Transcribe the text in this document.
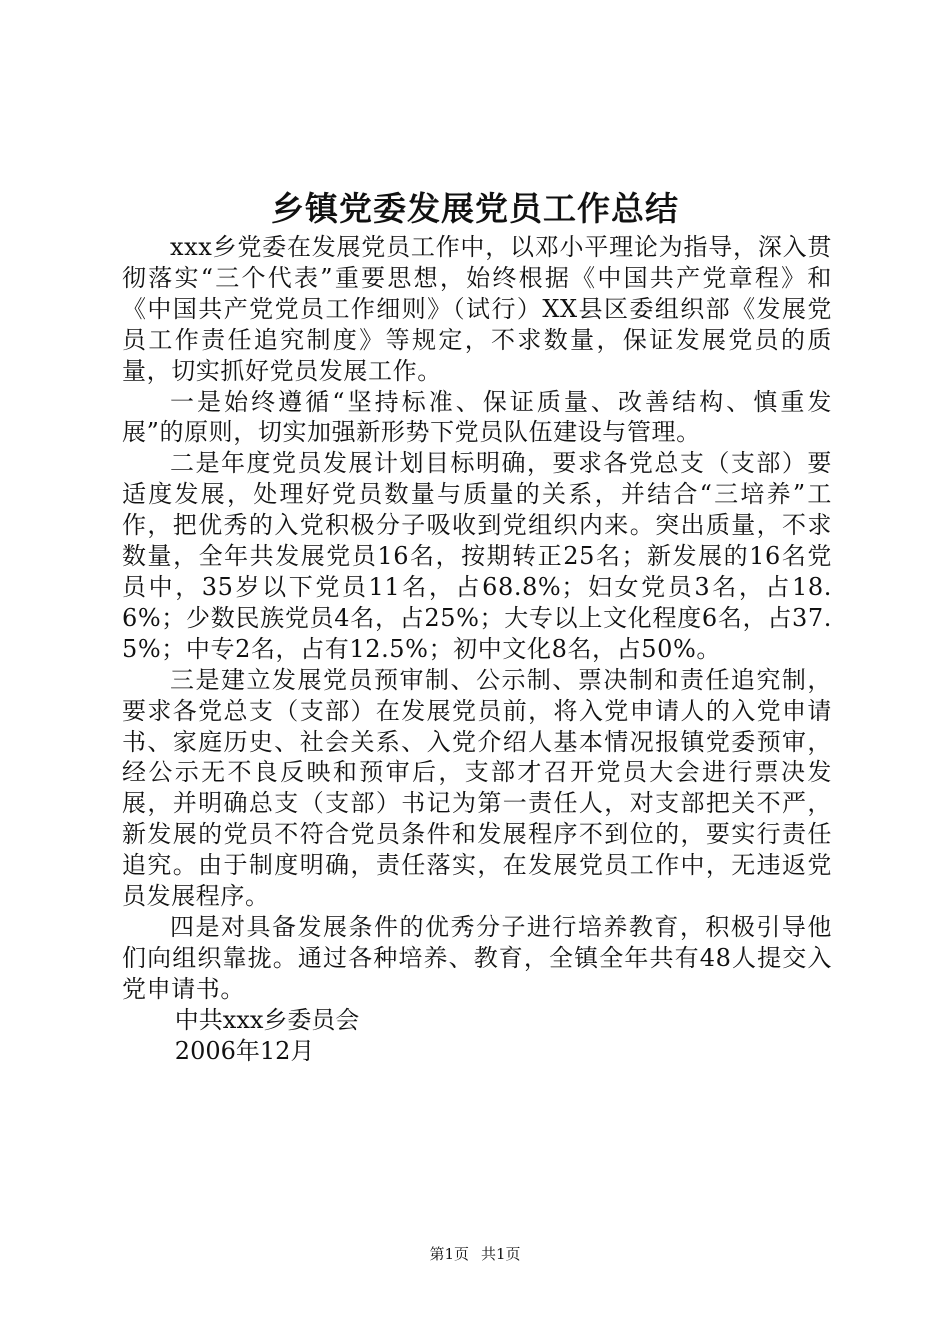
乡镇党委发展党员工作总结

xxx乡党委在发展党员工作中，以邓小平理论为指导，深入贯彻落实“三个代表”重要思想，始终根据《中国共产党章程》和《中国共产党党员工作细则》（试行）XX县区委组织部《发展党员工作责任追究制度》等规定，不求数量，保证发展党员的质量，切实抓好党员发展工作。

一是始终遵循“坚持标准、保证质量、改善结构、慎重发展”的原则，切实加强新形势下党员队伍建设与管理。

二是年度党员发展计划目标明确，要求各党总支（支部）要适度发展，处理好党员数量与质量的关系，并结合“三培养”工作，把优秀的入党积极分子吸收到党组织内来。突出质量，不求数量，全年共发展党员16名，按期转正25名；新发展的16名党员中，35岁以下党员11名，占68.8%；妇女党员3名，占18.6%；少数民族党员4名，占25%；大专以上文化程度6名，占37.5%；中专2名，占有12.5%；初中文化8名，占50%。

三是建立发展党员预审制、公示制、票决制和责任追究制，要求各党总支（支部）在发展党员前，将入党申请人的入党申请书、家庭历史、社会关系、入党介绍人基本情况报镇党委预审，经公示无不良反映和预审后，支部才召开党员大会进行票决发展，并明确总支（支部）书记为第一责任人，对支部把关不严，新发展的党员不符合党员条件和发展程序不到位的，要实行责任追究。由于制度明确，责任落实，在发展党员工作中，无违返党员发展程序。

四是对具备发展条件的优秀分子进行培养教育，积极引导他们向组织靠拢。通过各种培养、教育，全镇全年共有48人提交入党申请书。

中共xxx乡委员会

2006年12月

第1页 共1页
